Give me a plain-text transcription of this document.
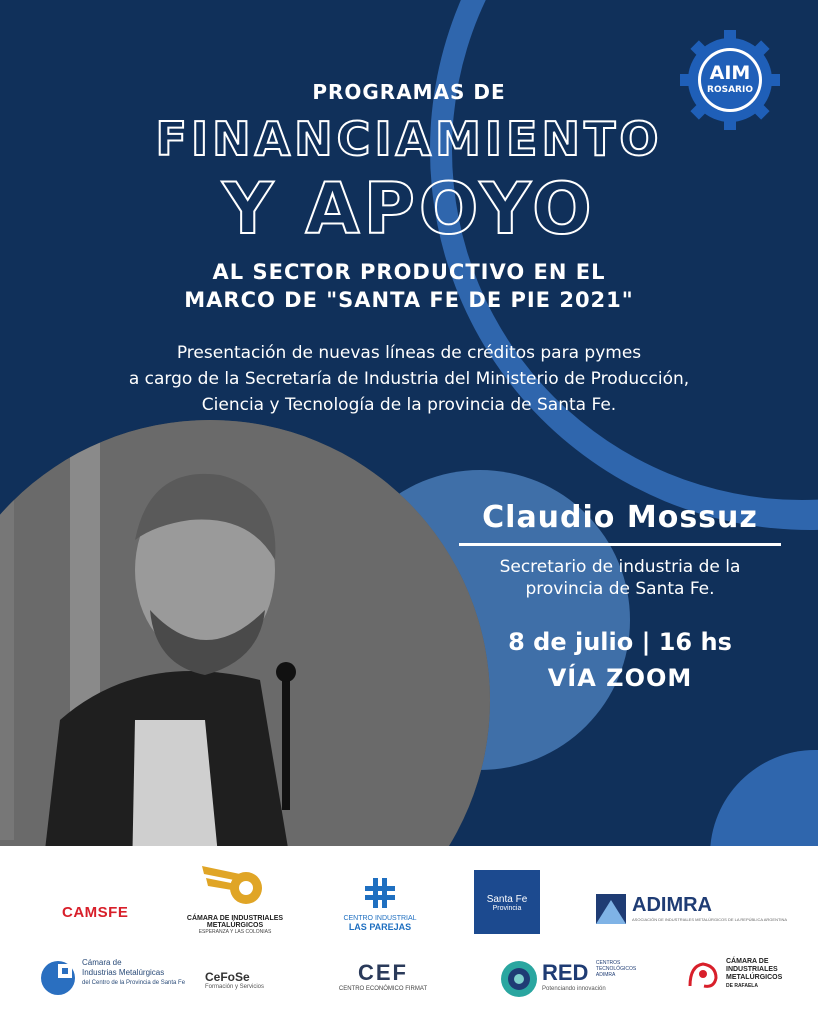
PROGRAMAS DE
FINANCIAMIENTO
Y APOYO
AL SECTOR PRODUCTIVO EN EL
MARCO DE "SANTA FE DE PIE 2021"
Presentación de nuevas líneas de créditos para pymes
a cargo de la Secretaría de Industria del Ministerio de Producción,
Ciencia y Tecnología de la provincia de Santa Fe.
AIM
ROSARIO
Claudio Mossuz
Secretario de industria de la
provincia de Santa Fe.
8 de julio | 16 hs
VÍA ZOOM
CAMSFE	CÁMARA DE INDUSTRIALES METALÚRGICOS
ESPERANZA Y LAS COLONIAS
CENTRO INDUSTRIAL
LAS PAREJAS
Santa Fe
Provincia	ADIMRA
ASOCIACIÓN DE INDUSTRIALES METALÚRGICOS DE LA REPÚBLICA ARGENTINA
Cámara de
Industrias Metalúrgicas
del Centro de la Provincia de Santa Fe CeFoSe
Formación y Servicios
CEF
CENTRO ECONÓMICO FIRMAT
RED CENTROS
TECNOLÓGICOS
ADIMRA
Potenciando innovación
CÁMARA DE
INDUSTRIALES
METALÚRGICOS
DE RAFAELA
